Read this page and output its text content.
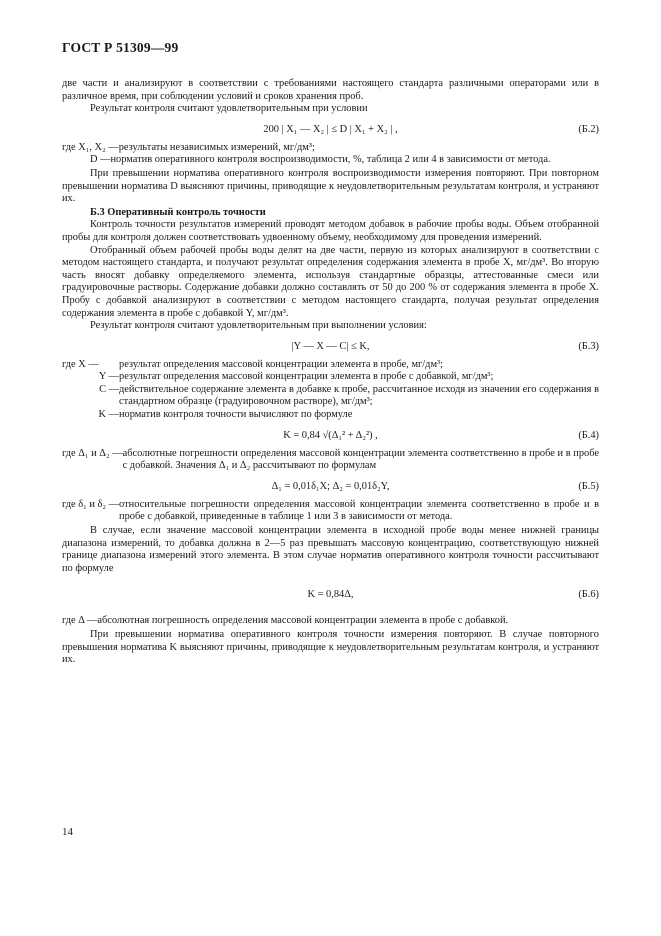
ГОСТ Р 51309—99

две части и анализируют в соответствии с требованиями настоящего стандарта различными операторами или в различное время, при соблюдении условий и сроков хранения проб.

Результат контроля считают удовлетворительным при условии

200 | X₁ — X₂ | ≤ D | X₁ + X₂ | ,	(Б.2)
где X₁, X₂ — результаты независимых измерений, мг/дм³;
D — норматив оперативного контроля воспроизводимости, %, таблица 2 или 4 в зависимости от метода.

При превышении норматива оперативного контроля воспроизводимости измерения повторяют. При повторном превышении норматива D выясняют причины, приводящие к неудовлетворительным результатам контроля, и устраняют их.

Б.3 Оперативный контроль точности

Контроль точности результатов измерений проводят методом добавок в рабочие пробы воды. Объем отобранной пробы для контроля должен соответствовать удвоенному объему, необходимому для проведения измерений.

Отобранный объем рабочей пробы воды делят на две части, первую из которых анализируют в соответствии с методом настоящего стандарта, и получают результат определения содержания элемента в пробе X, мг/дм³. Во вторую часть вносят добавку определяемого элемента, используя стандартные образцы, аттестованные смеси или градуировочные растворы. Содержание добавки должно составлять от 50 до 200 % от содержания элемента в пробе X. Пробу с добавкой анализируют в соответствии с методом настоящего стандарта, получая результат определения содержания элемента в пробе с добавкой Y, мг/дм³.

Результат контроля считают удовлетворительным при выполнении условия:

|Y — X — C| ≤ K,	(Б.3)
где X —	результат определения массовой концентрации элемента в пробе, мг/дм³;
Y — результат определения массовой концентрации элемента в пробе с добавкой, мг/дм³;
C — действительное содержание элемента в добавке к пробе, рассчитанное исходя из значения его содержания в стандартном образце (градуировочном растворе), мг/дм³;
K — норматив контроля точности вычисляют по формуле
K = 0,84 √(Δ₁² + Δ₂²) ,	(Б.4)
где Δ₁ и Δ₂ — абсолютные погрешности определения массовой концентрации элемента соответственно в пробе и в пробе с добавкой. Значения Δ₁ и Δ₂ рассчитывают по формулам
Δ₁ = 0,01δ₁X; Δ₂ = 0,01δ₂Y,	(Б.5)
где δ₁ и δ₂ — относительные погрешности определения массовой концентрации элемента соответственно в пробе и в пробе с добавкой, приведенные в таблице 1 или 3 в зависимости от метода.

В случае, если значение массовой концентрации элемента в исходной пробе воды менее нижней границы диапазона измерений, то добавка должна в 2—5 раз превышать массовую концентрацию, соответствующую нижней границе диапазона измерений этого элемента. В этом случае норматив оперативного контроля точности рассчитывают по формуле

K = 0,84Δ,	(Б.6)
где Δ — абсолютная погрешность определения массовой концентрации элемента в пробе с добавкой.

При превышении норматива оперативного контроля точности измерения повторяют. В случае повторного превышения норматива K выясняют причины, приводящие к неудовлетворительным результатам контроля, и устраняют их.

14
